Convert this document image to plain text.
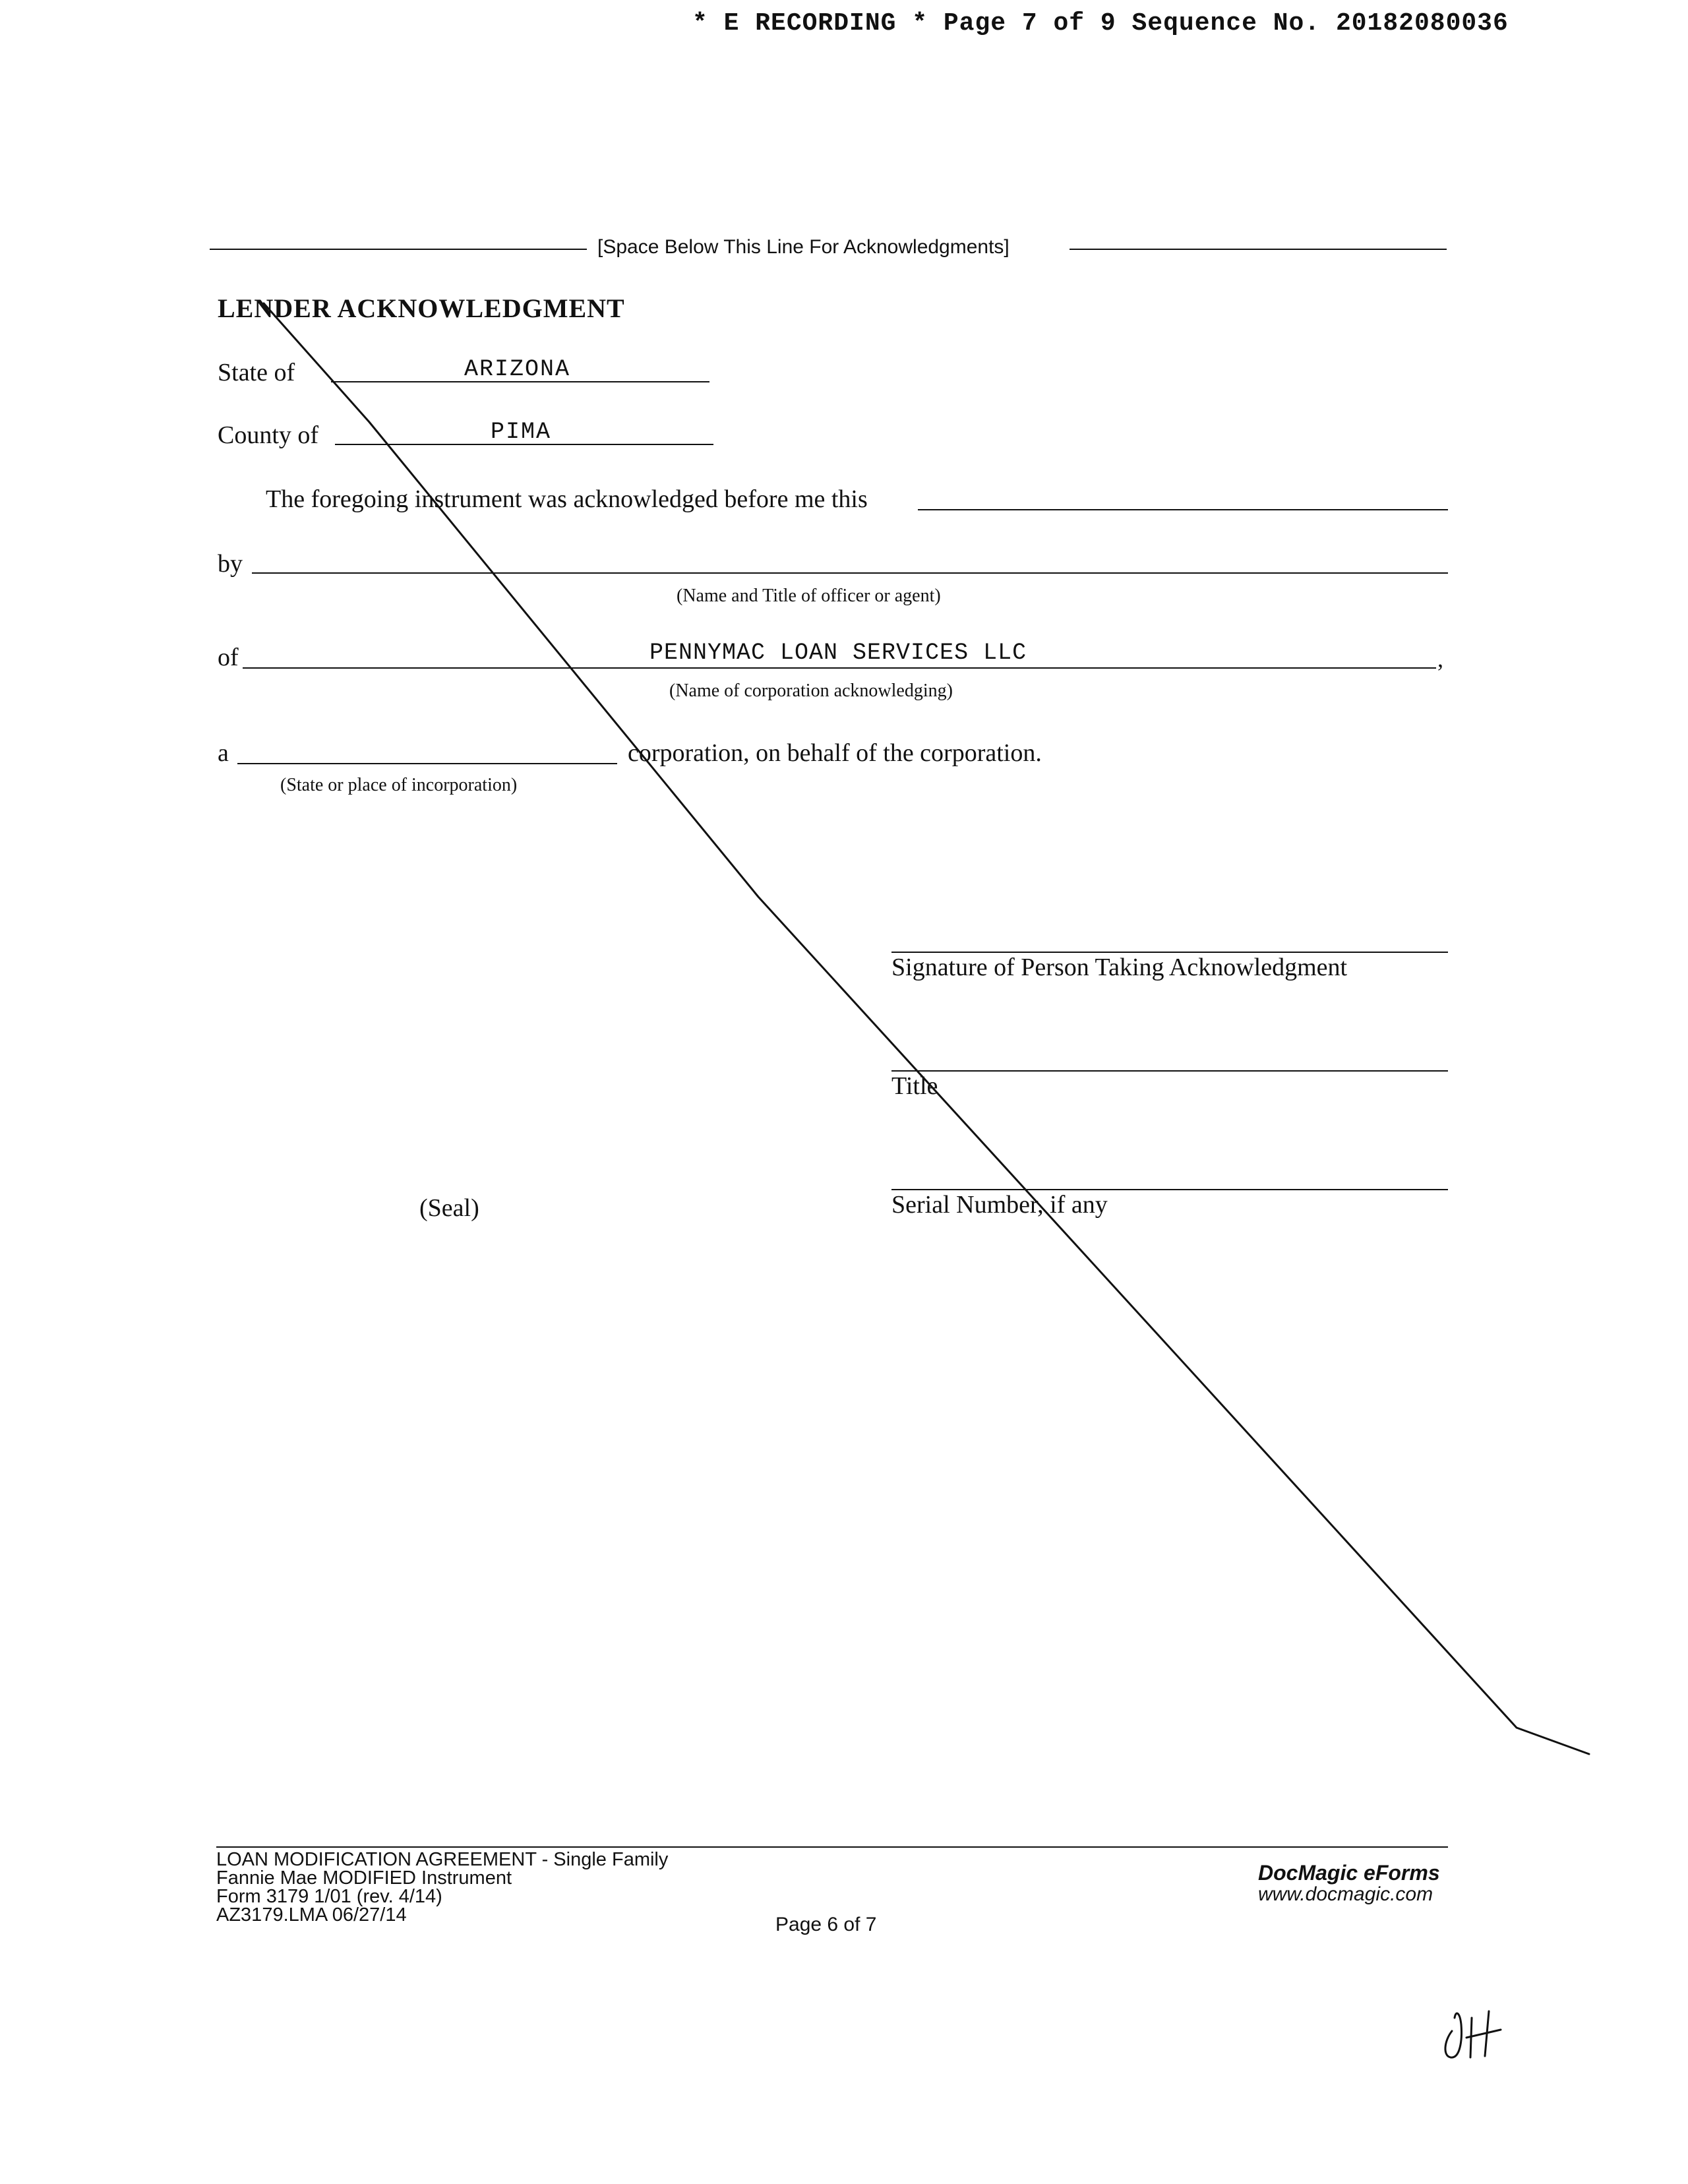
* E RECORDING * Page 7 of 9 Sequence No. 20182080036
[Space Below This Line For Acknowledgments]
LENDER ACKNOWLEDGMENT
State of	ARIZONA
County of	PIMA
The foregoing instrument was acknowledged before me this
by
(Name and Title of officer or agent)
of	PENNYMAC LOAN SERVICES LLC	,
(Name of corporation acknowledging)
a	corporation, on behalf of the corporation.
(State or place of incorporation)
Signature of Person Taking Acknowledgment
Title
(Seal)	Serial Number, if any
LOAN MODIFICATION AGREEMENT - Single Family
Fannie Mae MODIFIED Instrument
Form 3179 1/01 (rev. 4/14)
AZ3179.LMA 06/27/14	Page 6 of 7
DocMagic eForms
www.docmagic.com
